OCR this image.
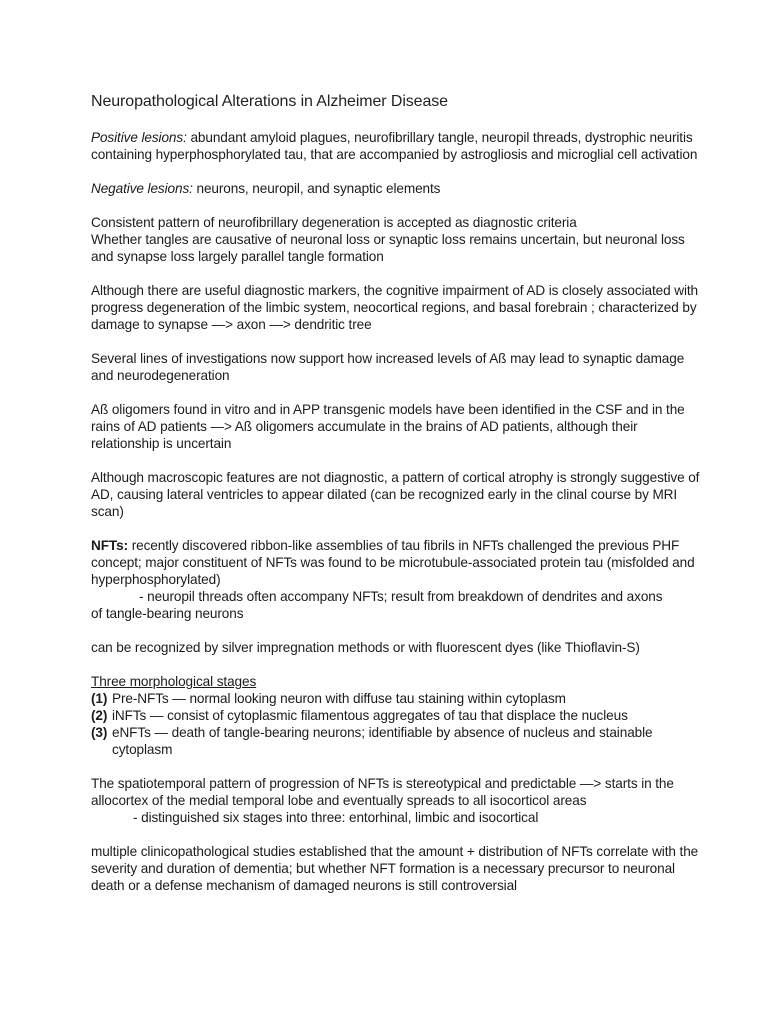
Neuropathological Alterations in Alzheimer Disease

Positive lesions: abundant amyloid plagues, neurofibrillary tangle, neuropil threads, dystrophic neuritis containing hyperphosphorylated tau, that are accompanied by astrogliosis and microglial cell activation

Negative lesions: neurons, neuropil, and synaptic elements

Consistent pattern of neurofibrillary degeneration is accepted as diagnostic criteria
Whether tangles are causative of neuronal loss or synaptic loss remains uncertain, but neuronal loss and synapse loss largely parallel tangle formation

Although there are useful diagnostic markers, the cognitive impairment of AD is closely associated with progress degeneration of the limbic system, neocortical regions, and basal forebrain ; characterized by damage to synapse —> axon —> dendritic tree

Several lines of investigations now support how increased levels of Aß may lead to synaptic damage and neurodegeneration

Aß oligomers found in vitro and in APP transgenic models have been identified in the CSF and in the rains of AD patients —> Aß oligomers accumulate in the brains of AD patients, although their relationship is uncertain

Although macroscopic features are not diagnostic, a pattern of cortical atrophy is strongly suggestive of AD, causing lateral ventricles to appear dilated (can be recognized early in the clinal course by MRI scan)

NFTs: recently discovered ribbon-like assemblies of tau fibrils in NFTs challenged the previous PHF concept; major constituent of NFTs was found to be microtubule-associated protein tau (misfolded and hyperphosphorylated)
- neuropil threads often accompany NFTs; result from breakdown of dendrites and axons
of tangle-bearing neurons

can be recognized by silver impregnation methods or with fluorescent dyes (like Thioflavin-S)

Three morphological stages
(1) Pre-NFTs — normal looking neuron with diffuse tau staining within cytoplasm
(2) iNFTs — consist of cytoplasmic filamentous aggregates of tau that displace the nucleus
(3) eNFTs — death of tangle-bearing neurons; identifiable by absence of nucleus and stainable cytoplasm

The spatiotemporal pattern of progression of NFTs is stereotypical and predictable —> starts in the allocortex of the medial temporal lobe and eventually spreads to all isocorticol areas
- distinguished six stages into three: entorhinal, limbic and isocortical

multiple clinicopathological studies established that the amount + distribution of NFTs correlate with the severity and duration of dementia; but whether NFT formation is a necessary precursor to neuronal death or a defense mechanism of damaged neurons is still controversial
